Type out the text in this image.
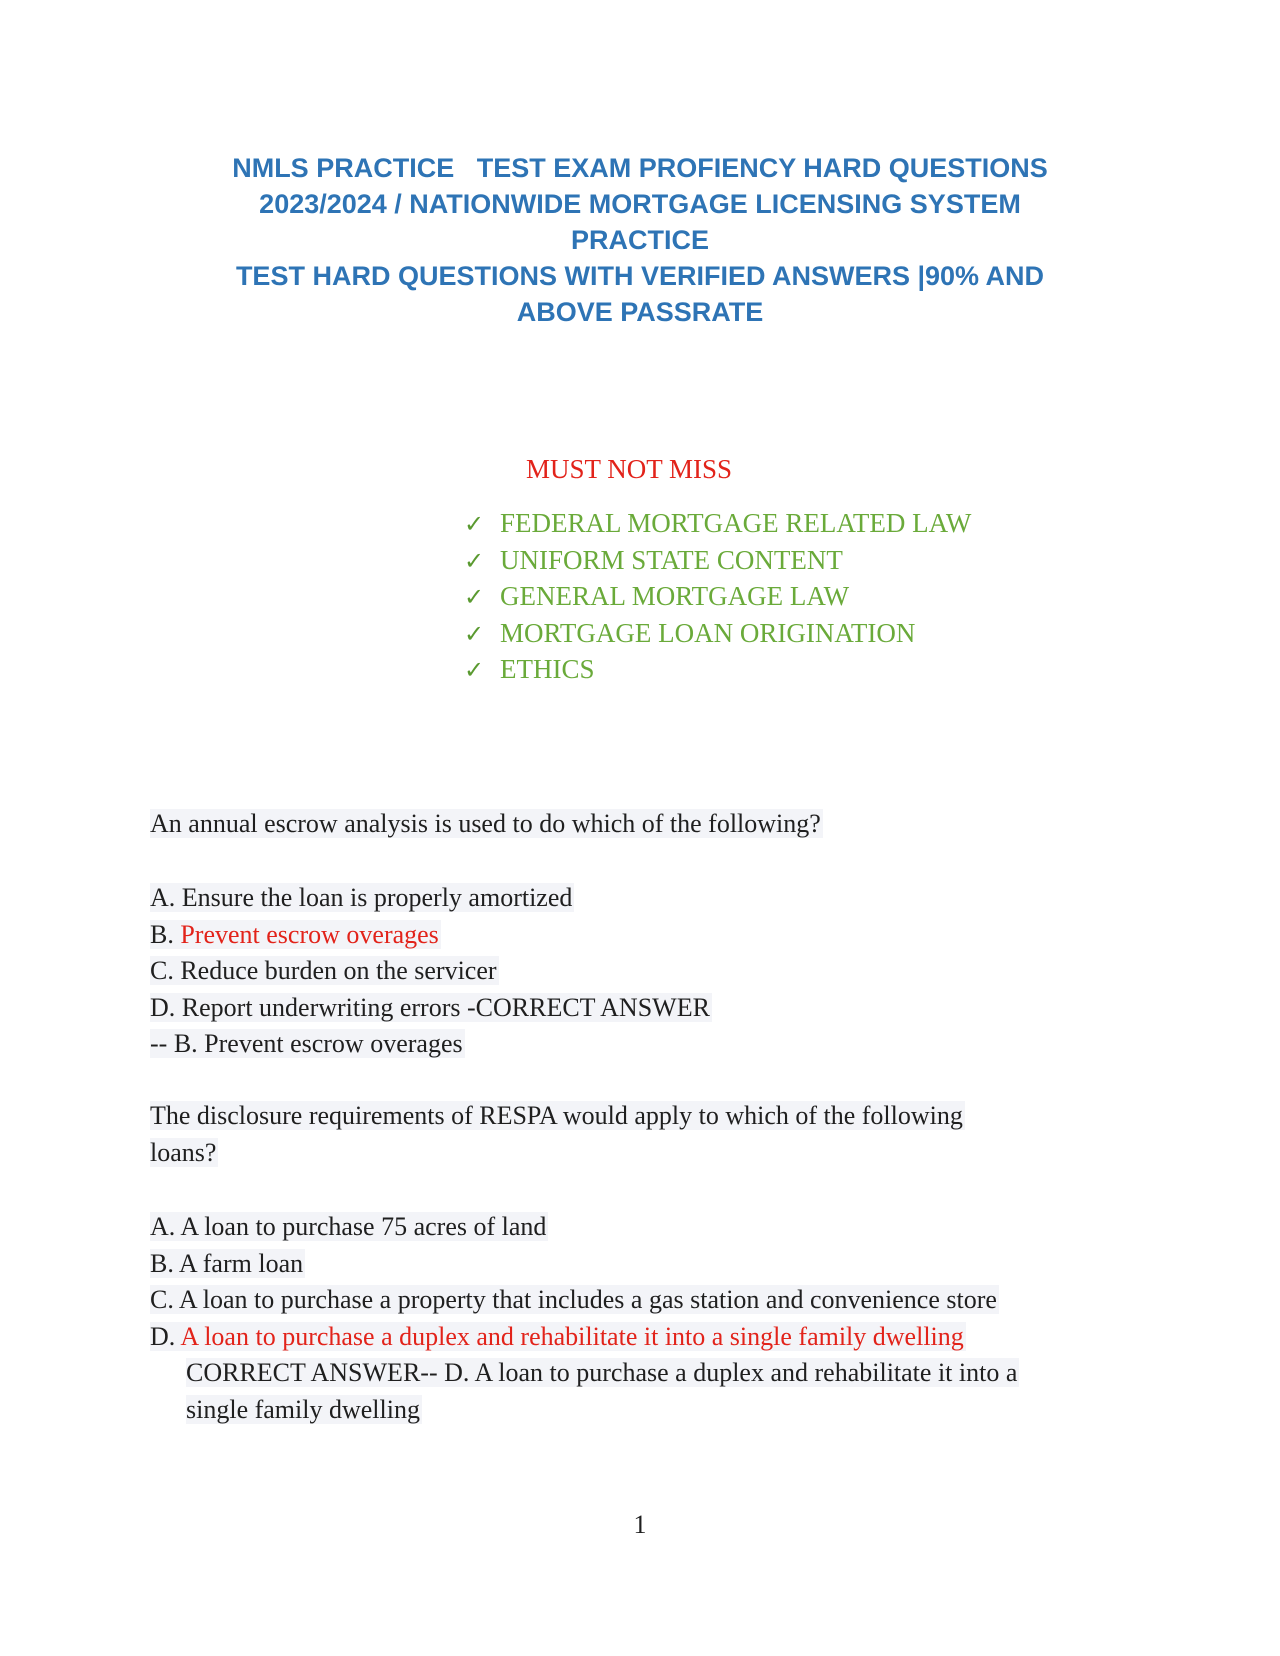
NMLS PRACTICE   TEST EXAM PROFIENCY HARD QUESTIONS
2023/2024 / NATIONWIDE MORTGAGE LICENSING SYSTEM
PRACTICE
TEST HARD QUESTIONS WITH VERIFIED ANSWERS |90% AND
ABOVE PASSRATE
MUST NOT MISS
✓ FEDERAL MORTGAGE RELATED LAW
✓ UNIFORM STATE CONTENT
✓ GENERAL MORTGAGE LAW
✓ MORTGAGE LOAN ORIGINATION
✓ ETHICS
An annual escrow analysis is used to do which of the following?
A. Ensure the loan is properly amortized
B. Prevent escrow overages
C. Reduce burden on the servicer
D. Report underwriting errors -CORRECT ANSWER
-- B. Prevent escrow overages
The disclosure requirements of RESPA would apply to which of the following
loans?
A. A loan to purchase 75 acres of land
B. A farm loan
C. A loan to purchase a property that includes a gas station and convenience store
D. A loan to purchase a duplex and rehabilitate it into a single family dwelling
CORRECT ANSWER-- D. A loan to purchase a duplex and rehabilitate it into a
single family dwelling
1
